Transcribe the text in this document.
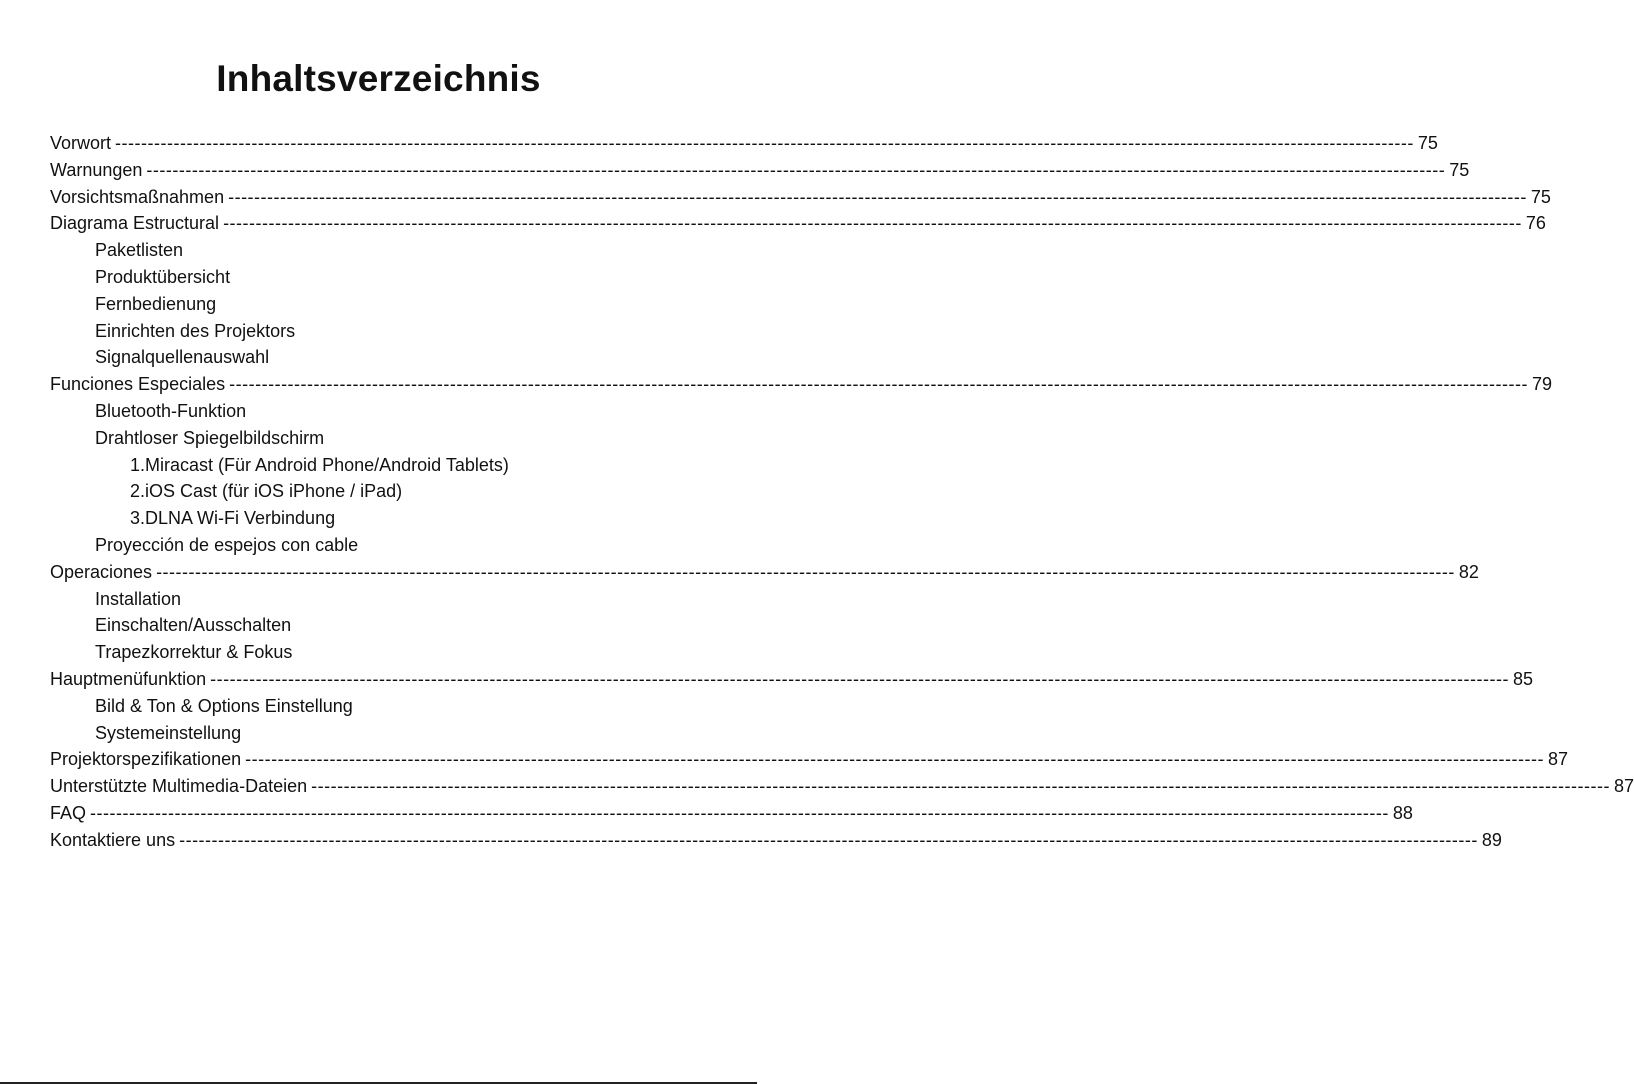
Inhaltsverzeichnis
Vorwort -------------------------------------------------------------------------------------------------------------------------------------------------------------------------------------------------------- 75
Warnungen -------------------------------------------------------------------------------------------------------------------------------------------------------------------------------------------------------- 75
Vorsichtsmaßnahmen -------------------------------------------------------------------------------------------------------------------------------------------------------------------------------------------------------- 75
Diagrama Estructural -------------------------------------------------------------------------------------------------------------------------------------------------------------------------------------------------------- 76
Paketlisten
Produktübersicht
Fernbedienung
Einrichten des Projektors
Signalquellenauswahl
Funciones Especiales -------------------------------------------------------------------------------------------------------------------------------------------------------------------------------------------------------- 79
Bluetooth-Funktion
Drahtloser Spiegelbildschirm
1.Miracast (Für Android Phone/Android Tablets)
2.iOS Cast (für iOS iPhone / iPad)
3.DLNA Wi-Fi Verbindung
Proyección de espejos con cable
Operaciones -------------------------------------------------------------------------------------------------------------------------------------------------------------------------------------------------------- 82
Installation
Einschalten/Ausschalten
Trapezkorrektur & Fokus
Hauptmenüfunktion -------------------------------------------------------------------------------------------------------------------------------------------------------------------------------------------------------- 85
Bild & Ton & Options Einstellung
Systemeinstellung
Projektorspezifikationen -------------------------------------------------------------------------------------------------------------------------------------------------------------------------------------------------------- 87
Unterstützte Multimedia-Dateien -------------------------------------------------------------------------------------------------------------------------------------------------------------------------------------------------------- 87
FAQ -------------------------------------------------------------------------------------------------------------------------------------------------------------------------------------------------------- 88
Kontaktiere uns -------------------------------------------------------------------------------------------------------------------------------------------------------------------------------------------------------- 89
